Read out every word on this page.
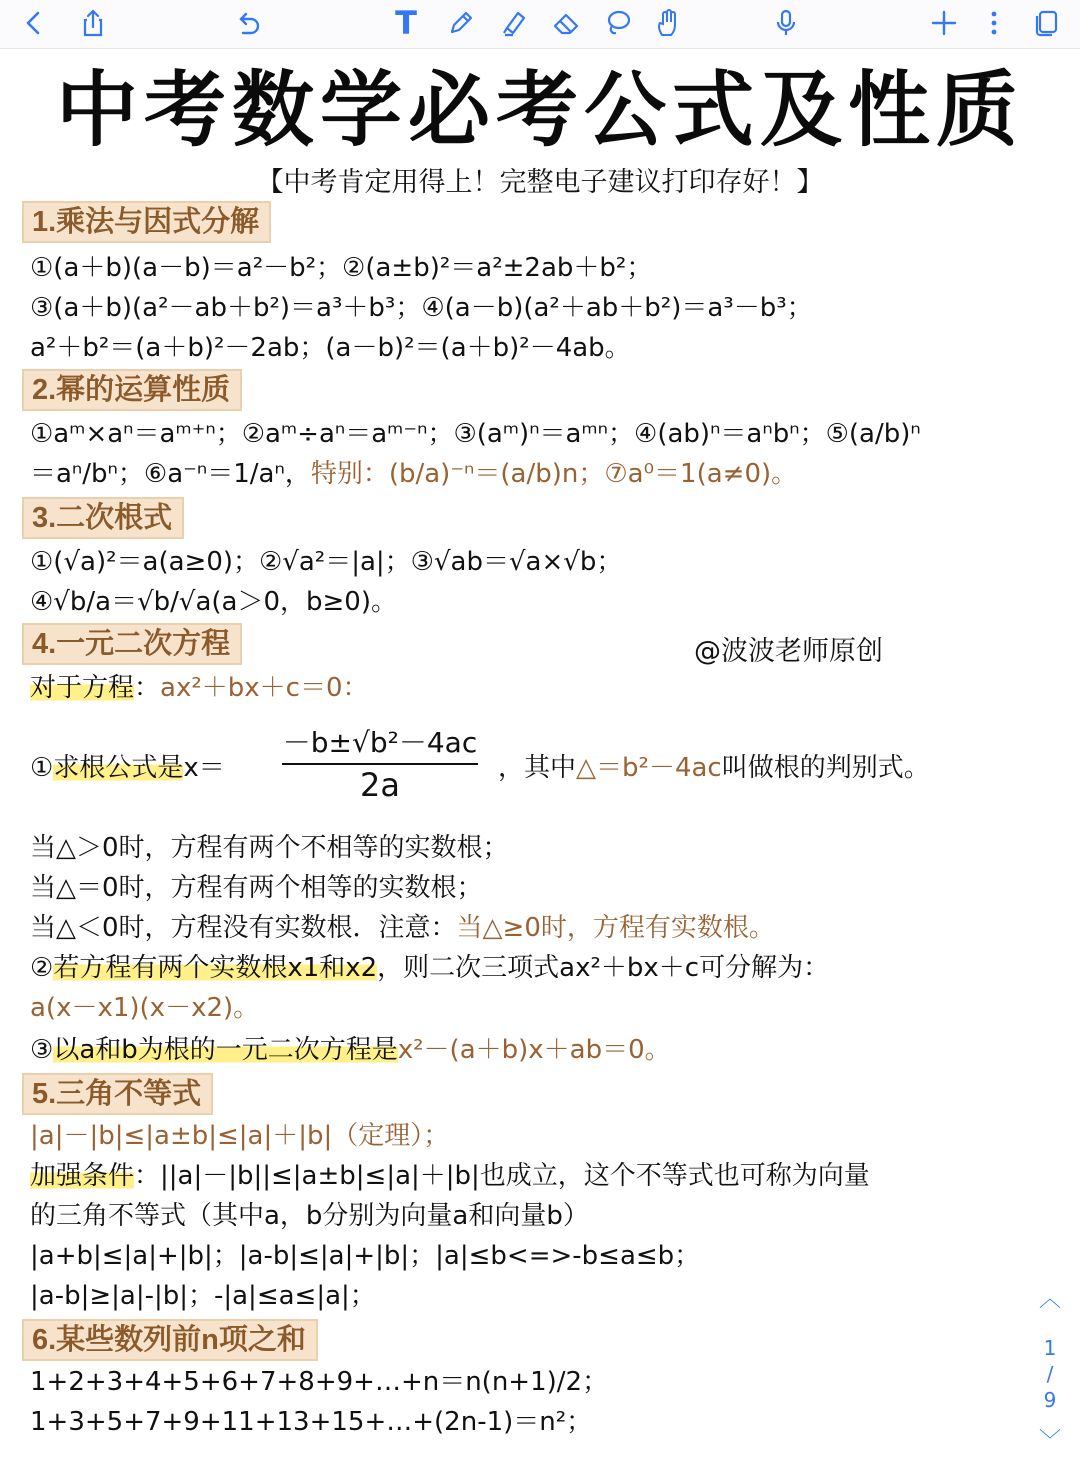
T
中考数学必考公式及性质
【中考肯定用得上！完整电子建议打印存好！】
1.乘法与因式分解
①(a＋b)(a－b)＝a²－b²；②(a±b)²＝a²±2ab＋b²；
③(a＋b)(a²－ab＋b²)＝a³＋b³；④(a－b)(a²＋ab＋b²)＝a³－b³；
a²＋b²＝(a＋b)²－2ab；(a－b)²＝(a＋b)²－4ab。
2.幂的运算性质
①aᵐ×aⁿ＝aᵐ⁺ⁿ；②aᵐ÷aⁿ＝aᵐ⁻ⁿ；③(aᵐ)ⁿ＝aᵐⁿ；④(ab)ⁿ＝aⁿbⁿ；⑤(a/b)ⁿ
＝aⁿ/bⁿ；⑥a⁻ⁿ＝1/aⁿ，特别：(b/a)⁻ⁿ＝(a/b)n；⑦a⁰＝1(a≠0)。
3.二次根式
①(√a)²＝a(a≥0)；②√a²＝|a|；③√ab＝√a×√b；
④√b/a＝√b/√a(a＞0，b≥0)。
4.一元二次方程	@波波老师原创
对于方程：ax²＋bx＋c＝0：
①求根公式是x＝
－b±√b²－4ac
2a	，其中△＝b²－4ac叫做根的判别式。
当△＞0时，方程有两个不相等的实数根；
当△＝0时，方程有两个相等的实数根；
当△＜0时，方程没有实数根．注意：当△≥0时，方程有实数根。
②若方程有两个实数根x1和x2，则二次三项式ax²＋bx＋c可分解为：
a(x－x1)(x－x2)。
③以a和b为根的一元二次方程是x²－(a＋b)x＋ab＝0。
5.三角不等式
|a|－|b|≤|a±b|≤|a|＋|b|（定理）；
加强条件：||a|－|b||≤|a±b|≤|a|＋|b|也成立，这个不等式也可称为向量
的三角不等式（其中a，b分别为向量a和向量b）
|a+b|≤|a|+|b|；|a-b|≤|a|+|b|；|a|≤b<=>-b≤a≤b；
|a-b|≥|a|-|b|；-|a|≤a≤|a|；
6.某些数列前n项之和
1+2+3+4+5+6+7+8+9+…+n＝n(n+1)/2；
1+3+5+7+9+11+13+15+…+(2n-1)＝n²；
︿
1
/
9
﹀
